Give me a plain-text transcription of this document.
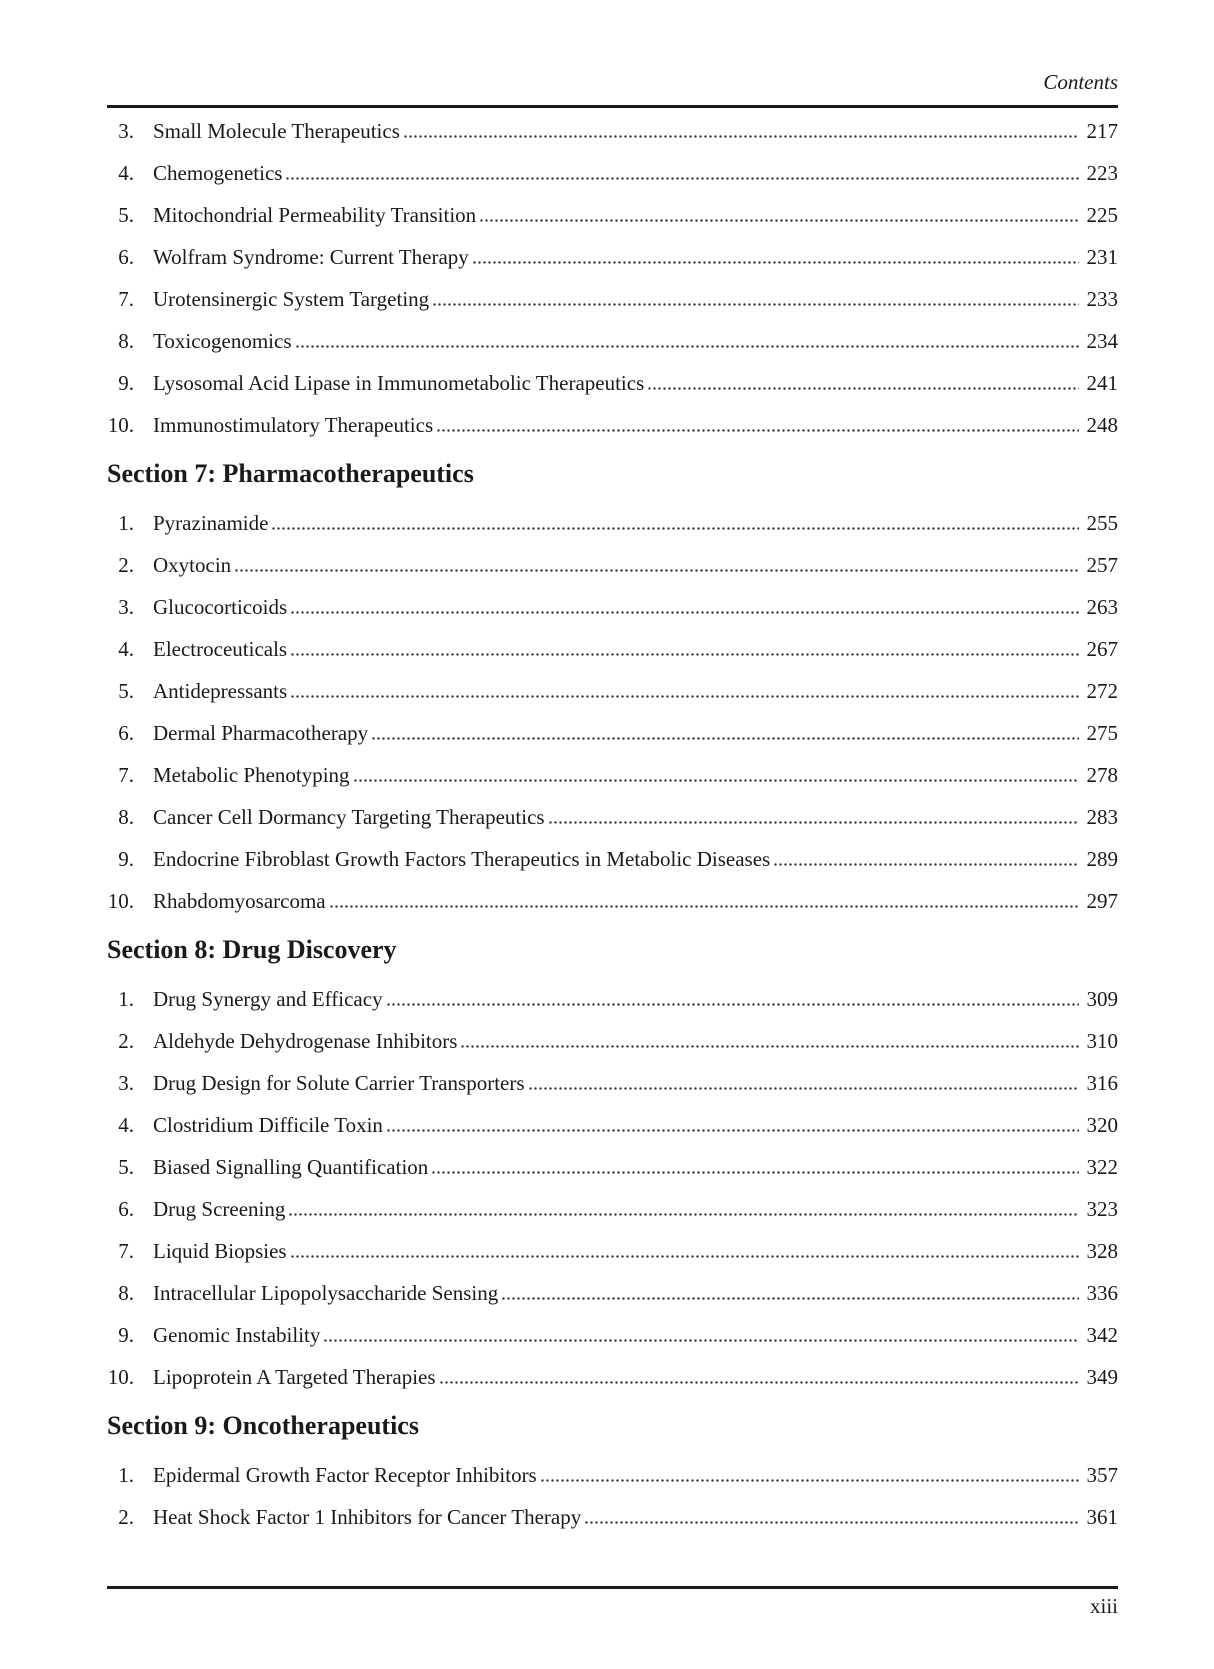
Contents
3. Small Molecule Therapeutics	217
4. Chemogenetics	223
5. Mitochondrial Permeability Transition	225
6. Wolfram Syndrome: Current Therapy	231
7. Urotensinergic System Targeting	233
8. Toxicogenomics	234
9. Lysosomal Acid Lipase in Immunometabolic Therapeutics	241
10. Immunostimulatory Therapeutics	248
Section 7: Pharmacotherapeutics
1. Pyrazinamide	255
2. Oxytocin	257
3. Glucocorticoids	263
4. Electroceuticals	267
5. Antidepressants	272
6. Dermal Pharmacotherapy	275
7. Metabolic Phenotyping	278
8. Cancer Cell Dormancy Targeting Therapeutics	283
9. Endocrine Fibroblast Growth Factors Therapeutics in Metabolic Diseases	289
10. Rhabdomyosarcoma	297
Section 8: Drug Discovery
1. Drug Synergy and Efficacy	309
2. Aldehyde Dehydrogenase Inhibitors	310
3. Drug Design for Solute Carrier Transporters	316
4. Clostridium Difficile Toxin	320
5. Biased Signalling Quantification	322
6. Drug Screening	323
7. Liquid Biopsies	328
8. Intracellular Lipopolysaccharide Sensing	336
9. Genomic Instability	342
10. Lipoprotein A Targeted Therapies	349
Section 9: Oncotherapeutics
1. Epidermal Growth Factor Receptor Inhibitors	357
2. Heat Shock Factor 1 Inhibitors for Cancer Therapy	361
xiii
